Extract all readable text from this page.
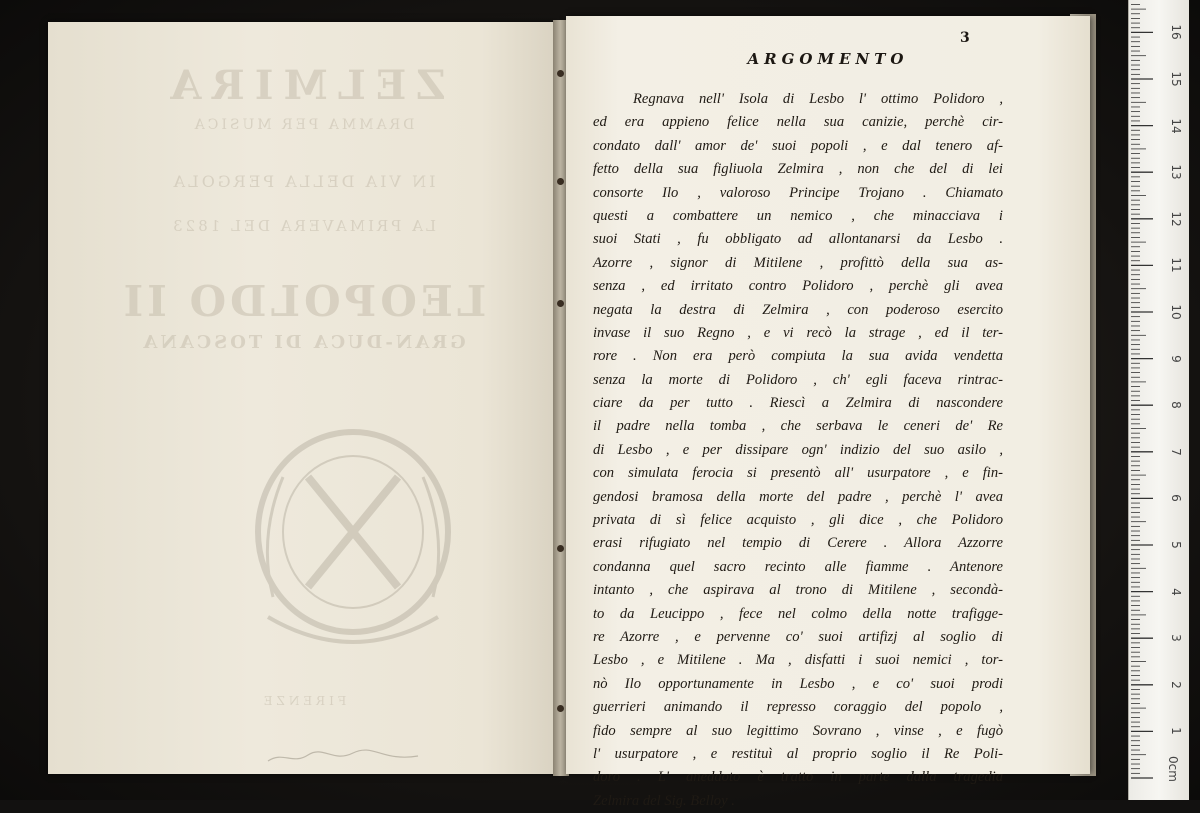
ZELMIRA
DRAMMA PER MUSICA
IN VIA DELLA PERGOLA
LA PRIMAVERA DEL 1823
LEOPOLDO II
GRAN-DUCA DI TOSCANA
FIRENZE
3
ARGOMENTO
Regnava nell' Isola di Lesbo l' ottimo Polidoro ,
ed era appieno felice nella sua canizie, perchè cir-
condato dall' amor de' suoi popoli , e dal tenero af-
fetto della sua figliuola Zelmira , non che del di lei
consorte Ilo , valoroso Principe Trojano . Chiamato
questi a combattere un nemico , che minacciava i
suoi Stati , fu obbligato ad allontanarsi da Lesbo .
Azorre , signor di Mitilene , profittò della sua as-
senza , ed irritato contro Polidoro , perchè gli avea
negata la destra di Zelmira , con poderoso esercito
invase il suo Regno , e vi recò la strage , ed il ter-
rore . Non era però compiuta la sua avida vendetta
senza la morte di Polidoro , ch' egli faceva rintrac-
ciare da per tutto . Riescì a Zelmira di nascondere
il padre nella tomba , che serbava le ceneri de' Re
di Lesbo , e per dissipare ogn' indizio del suo asilo ,
con simulata ferocia si presentò all' usurpatore , e fin-
gendosi bramosa della morte del padre , perchè l' avea
privata di sì felice acquisto , gli dice , che Polidoro
erasi rifugiato nel tempio di Cerere . Allora Azzorre
condanna quel sacro recinto alle fiamme . Antenore
intanto , che aspirava al trono di Mitilene , secondà-
to da Leucippo , fece nel colmo della notte trafigge-
re Azorre , e pervenne co' suoi artifizj al soglio di
Lesbo , e Mitilene . Ma , disfatti i suoi nemici , tor-
nò Ilo opportunamente in Lesbo , e co' suoi prodi
guerrieri animando il represso coraggio del popolo ,
fido sempre al suo legittimo Sovrano , vinse , e fugò
l' usurpatore , e restituì al proprio soglio il Re Poli-
doro . L' aneddoto è tratto in parte dalla tragedia
Zelmira del Sig. Belloy .

16
15
14
13
12
11
10
9
8
7
6
5
4
3
2
1
0cm
